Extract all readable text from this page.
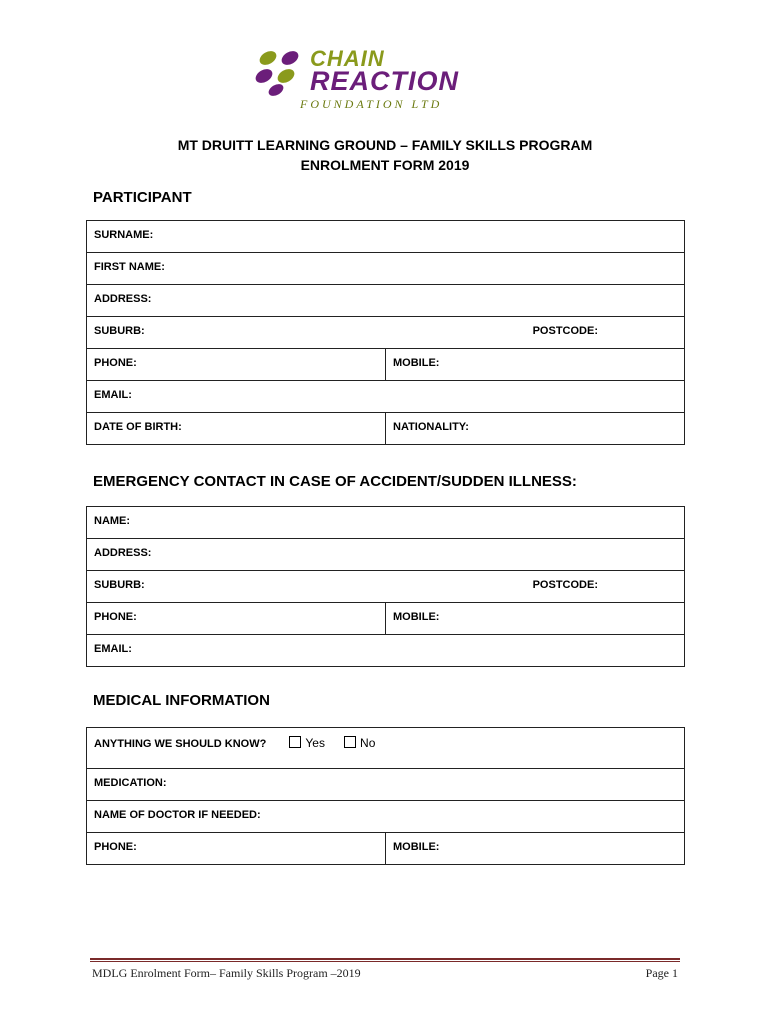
CHAIN
REACTION
FOUNDATION LTD
MT DRUITT LEARNING GROUND – FAMILY SKILLS PROGRAM
ENROLMENT FORM 2019
PARTICIPANT
SURNAME:	
FIRST NAME:	
ADDRESS:	
SUBURB: POSTCODE:	

PHONE:	MOBILE:
EMAIL:	
DATE OF BIRTH:	NATIONALITY:
EMERGENCY CONTACT IN CASE OF ACCIDENT/SUDDEN ILLNESS:
NAME:
ADDRESS:
SUBURB:	POSTCODE:

PHONE:	MOBILE:
EMAIL:
MEDICAL INFORMATION
ANYTHING WE SHOULD KNOW?	Yes	No
MEDICATION:
NAME OF DOCTOR IF NEEDED:
PHONE:	MOBILE:
MDLG Enrolment Form– Family Skills Program –2019	Page 1
